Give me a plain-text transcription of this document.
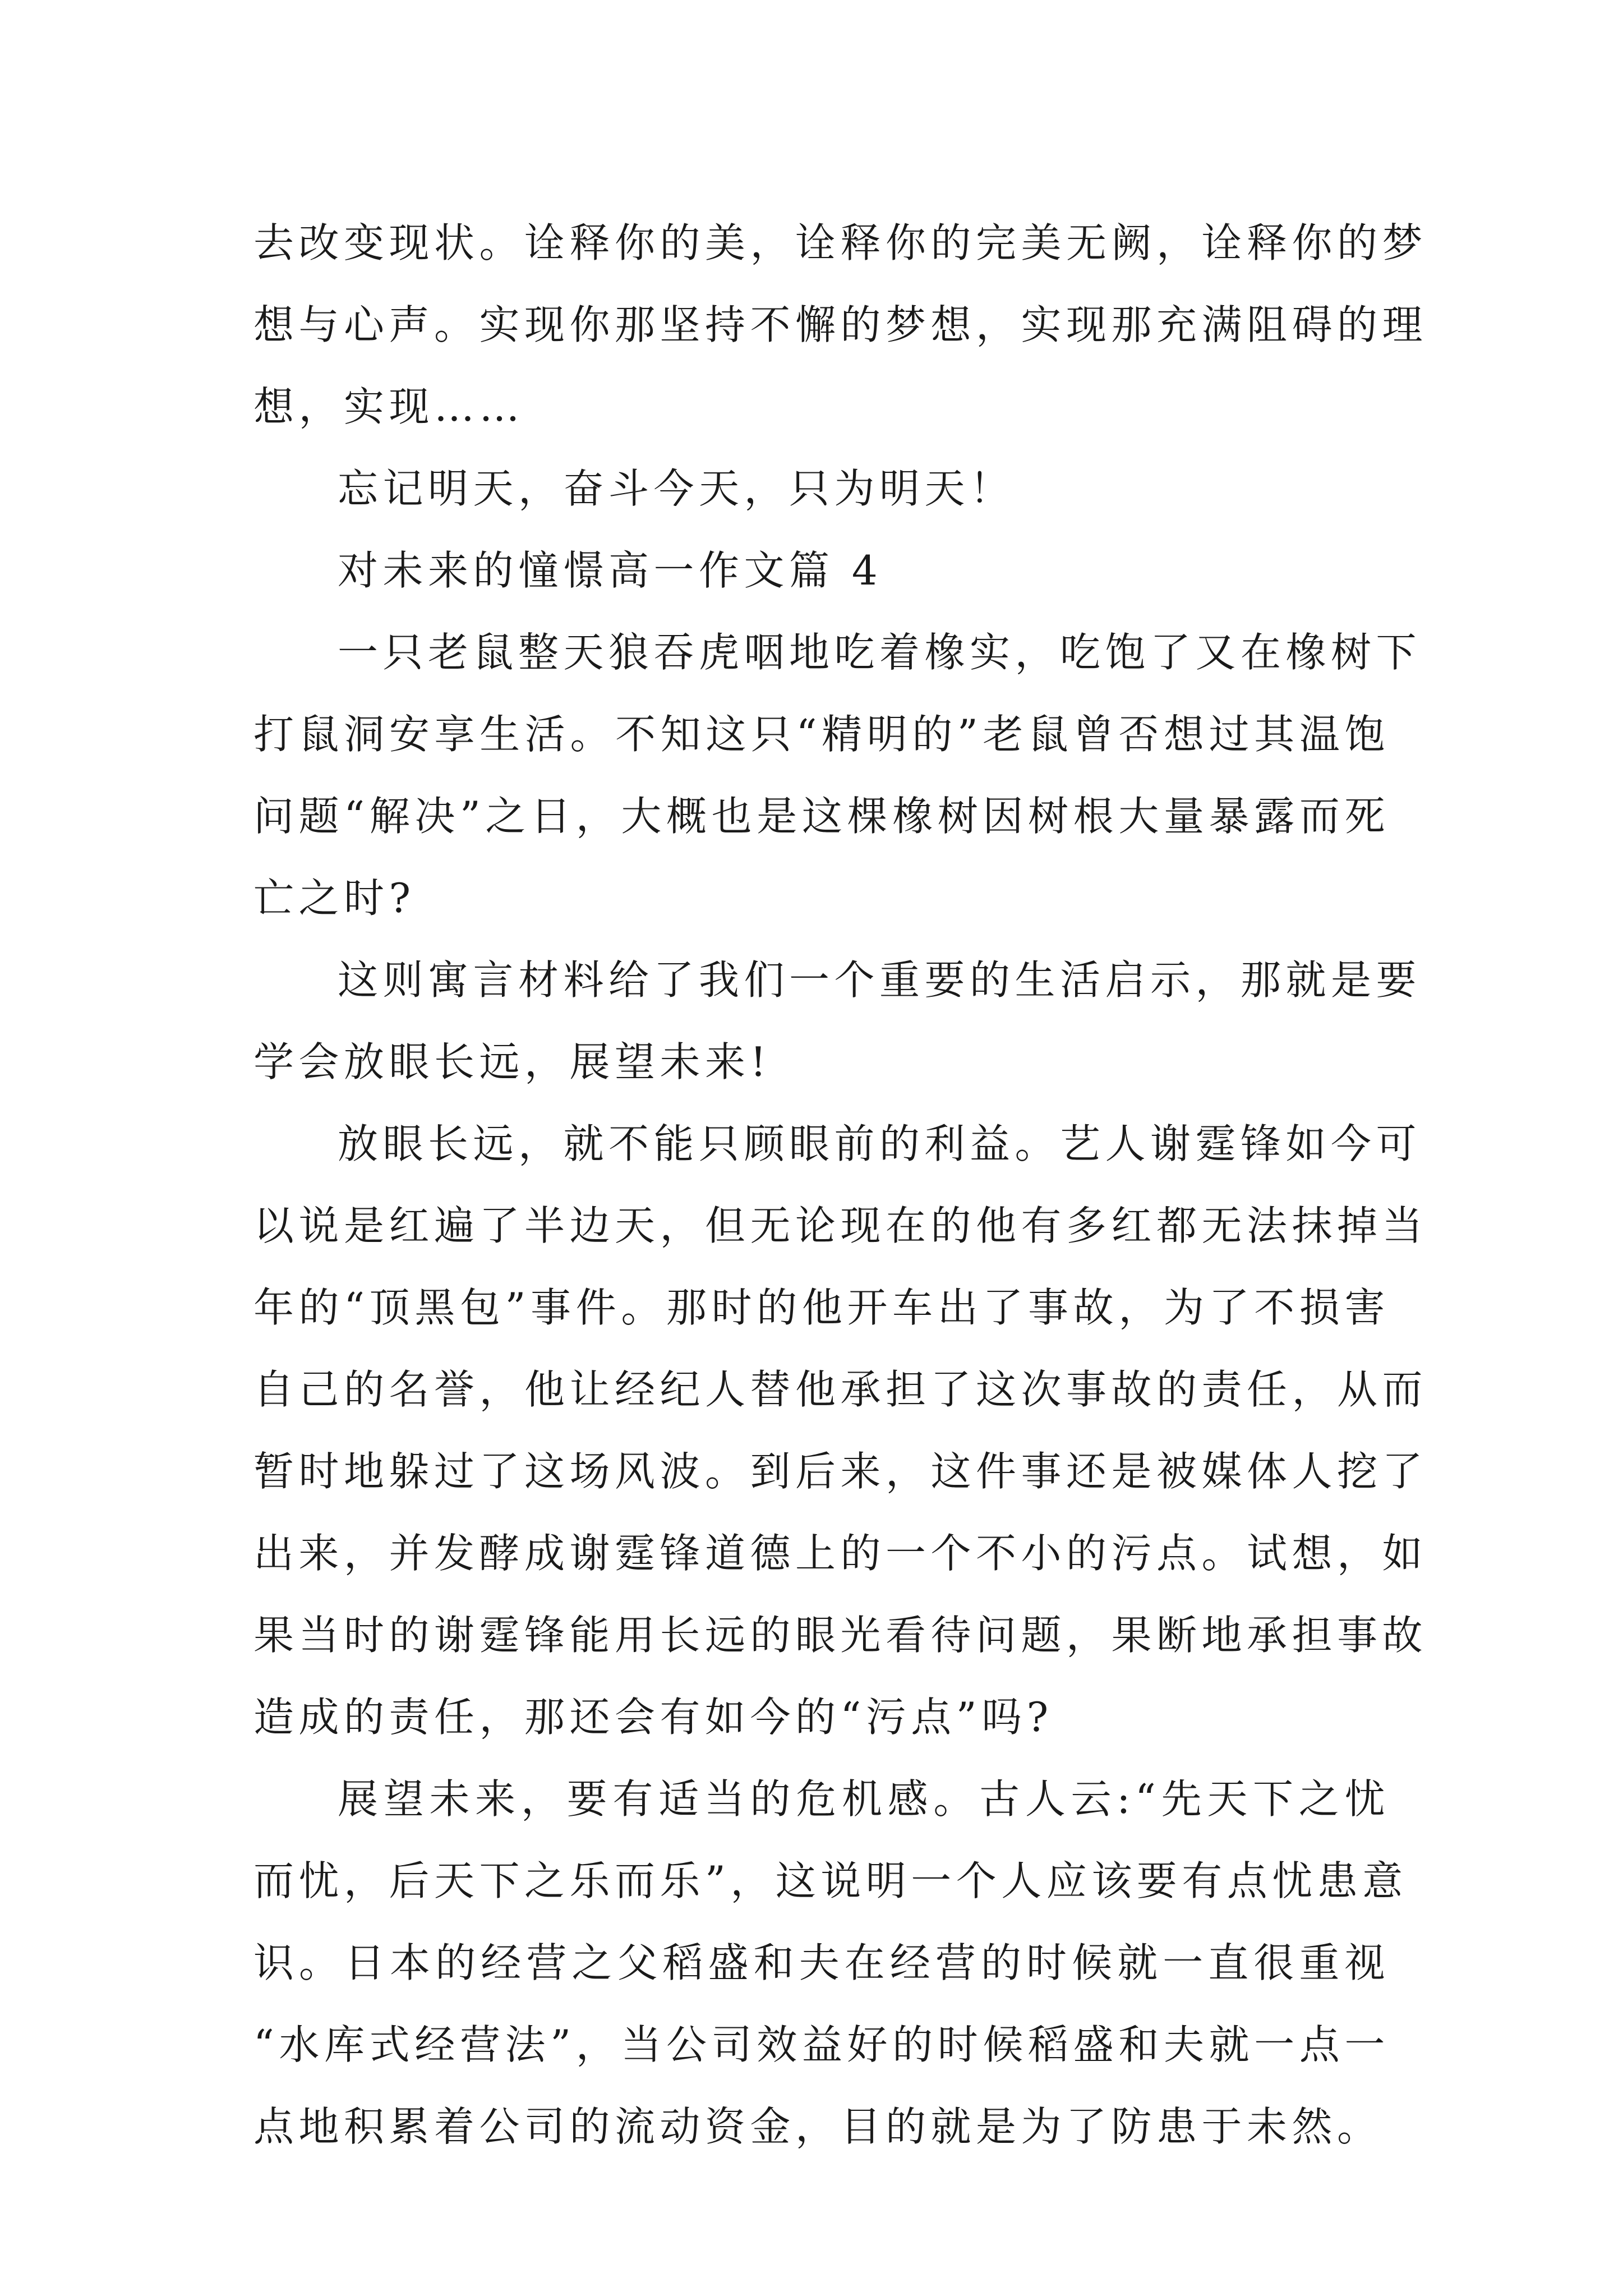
去改变现状。诠释你的美，诠释你的完美无阙，诠释你的梦
想与心声。实现你那坚持不懈的梦想，实现那充满阻碍的理
想，实现……
忘记明天，奋斗今天，只为明天！
对未来的憧憬高一作文篇 4
一只老鼠整天狼吞虎咽地吃着橡实，吃饱了又在橡树下
打鼠洞安享生活。不知这只“精明的”老鼠曾否想过其温饱
问题“解决”之日，大概也是这棵橡树因树根大量暴露而死
亡之时?
这则寓言材料给了我们一个重要的生活启示，那就是要
学会放眼长远，展望未来!
放眼长远，就不能只顾眼前的利益。艺人谢霆锋如今可
以说是红遍了半边天，但无论现在的他有多红都无法抹掉当
年的“顶黑包”事件。那时的他开车出了事故，为了不损害
自己的名誉，他让经纪人替他承担了这次事故的责任，从而
暂时地躲过了这场风波。到后来，这件事还是被媒体人挖了
出来，并发酵成谢霆锋道德上的一个不小的污点。试想，如
果当时的谢霆锋能用长远的眼光看待问题，果断地承担事故
造成的责任，那还会有如今的“污点”吗?
展望未来，要有适当的危机感。古人云:“先天下之忧
而忧，后天下之乐而乐”，这说明一个人应该要有点忧患意
识。日本的经营之父稻盛和夫在经营的时候就一直很重视
“水库式经营法”，当公司效益好的时候稻盛和夫就一点一
点地积累着公司的流动资金，目的就是为了防患于未然。
